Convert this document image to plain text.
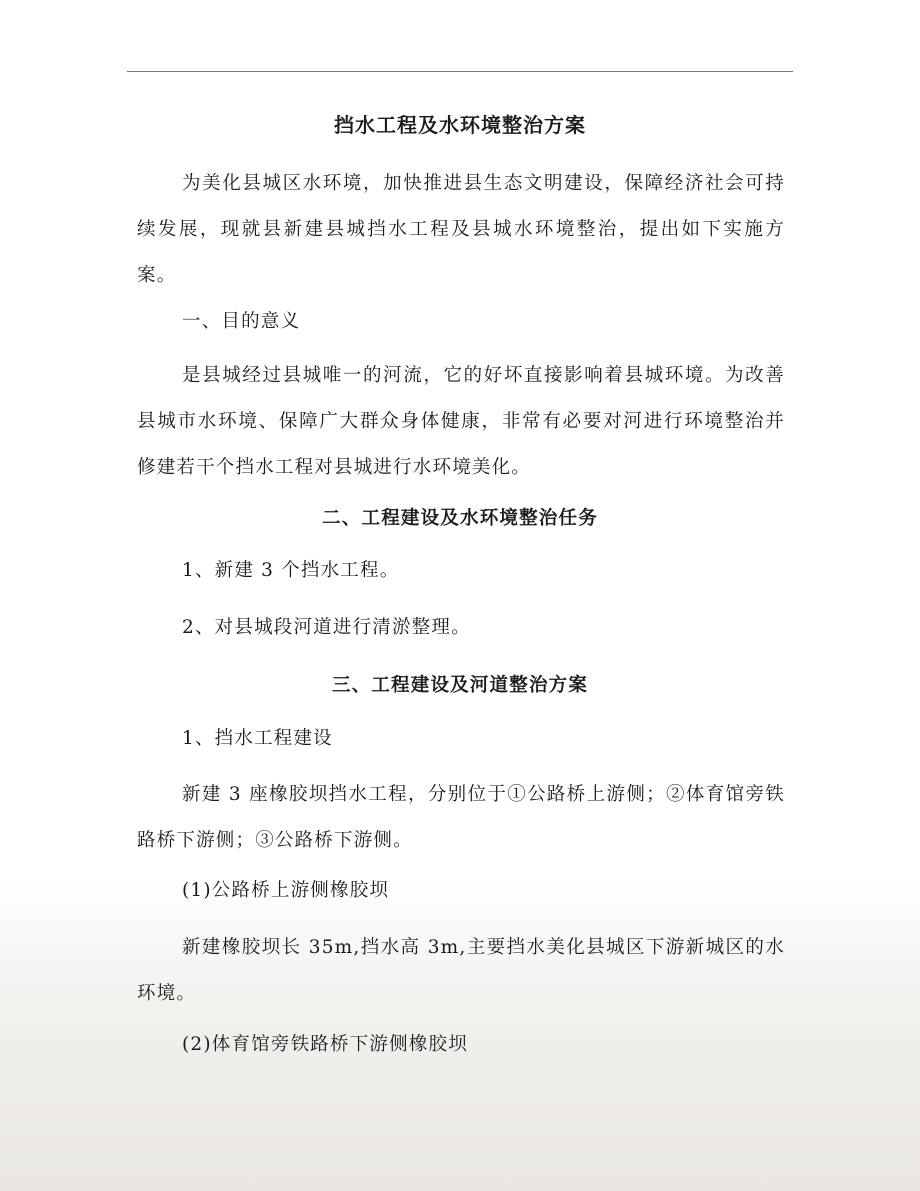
挡水工程及水环境整治方案
为美化县城区水环境，加快推进县生态文明建设，保障经济社会可持续发展，现就县新建县城挡水工程及县城水环境整治，提出如下实施方案。
一、目的意义
是县城经过县城唯一的河流，它的好坏直接影响着县城环境。为改善县城市水环境、保障广大群众身体健康，非常有必要对河进行环境整治并修建若干个挡水工程对县城进行水环境美化。
二、工程建设及水环境整治任务
1、新建 3 个挡水工程。
2、对县城段河道进行清淤整理。
三、工程建设及河道整治方案
1、挡水工程建设
新建 3 座橡胶坝挡水工程，分别位于①公路桥上游侧；②体育馆旁铁路桥下游侧；③公路桥下游侧。
(1)公路桥上游侧橡胶坝
新建橡胶坝长 35m,挡水高 3m,主要挡水美化县城区下游新城区的水环境。
(2)体育馆旁铁路桥下游侧橡胶坝
